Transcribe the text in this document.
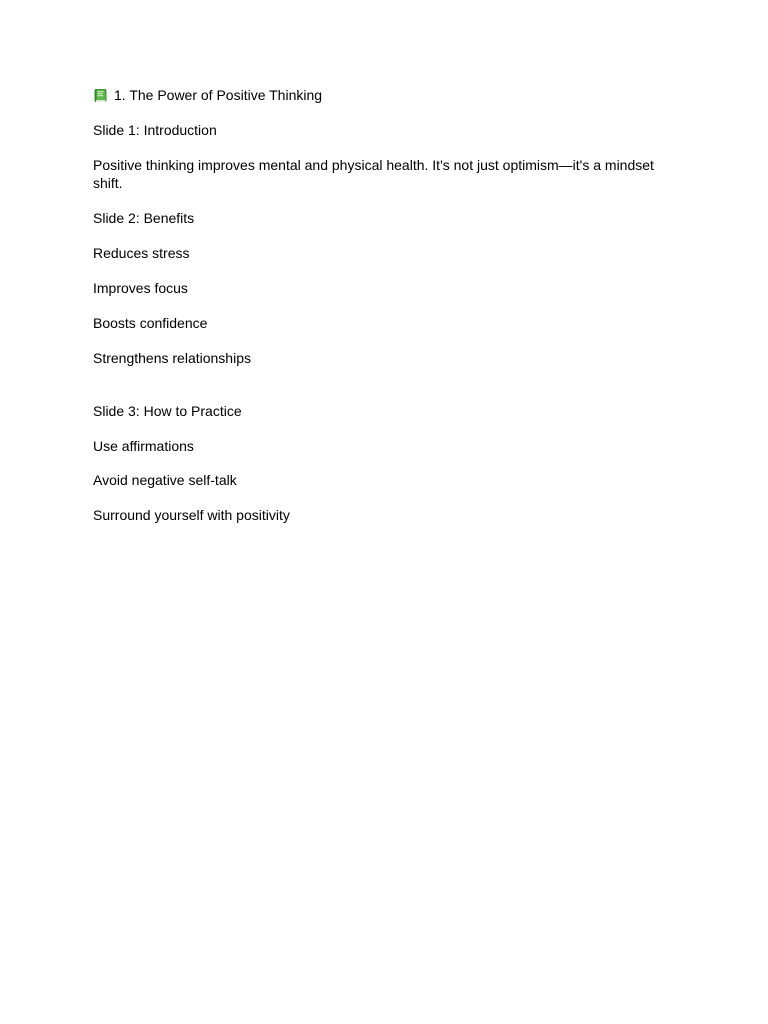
1. The Power of Positive Thinking

Slide 1: Introduction

Positive thinking improves mental and physical health. It's not just optimism—it's a mindset shift.

Slide 2: Benefits

Reduces stress

Improves focus

Boosts confidence

Strengthens relationships

Slide 3: How to Practice

Use affirmations

Avoid negative self-talk

Surround yourself with positivity
